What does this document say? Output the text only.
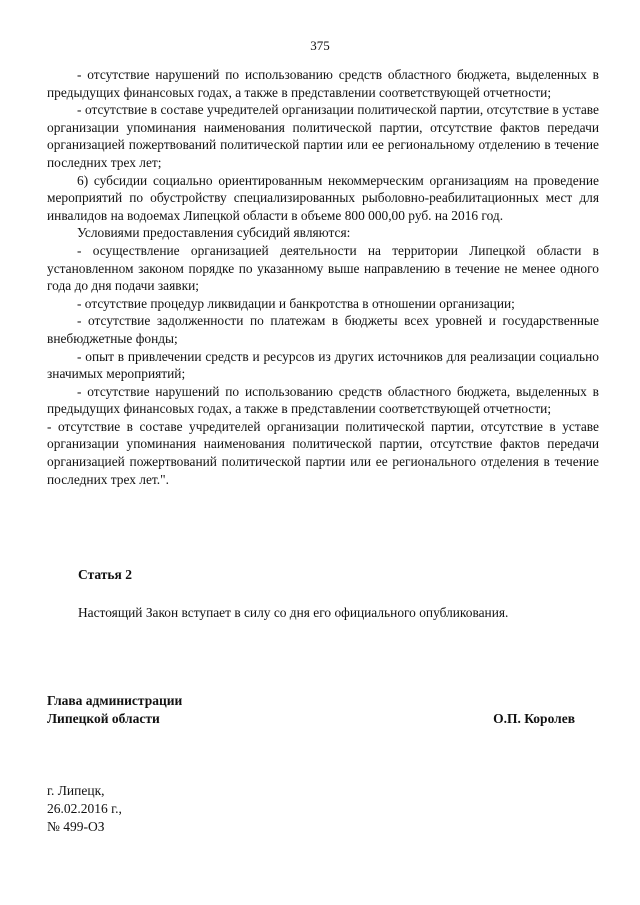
375

- отсутствие нарушений по использованию средств областного бюджета, выделенных в предыдущих финансовых годах, а также в представлении соответствующей отчетности;

- отсутствие в составе учредителей организации политической партии, отсутствие в уставе организации упоминания наименования политической партии, отсутствие фактов передачи организацией пожертвований политической партии или ее региональному отделению в течение последних трех лет;

6) субсидии социально ориентированным некоммерческим организациям на проведение мероприятий по обустройству специализированных рыболовно-реабилитационных мест для инвалидов на водоемах Липецкой области в объеме 800 000,00 руб. на 2016 год.

Условиями предоставления субсидий являются:

- осуществление организацией деятельности на территории Липецкой области в установленном законом порядке по указанному выше направлению в течение не менее одного года до дня подачи заявки;

- отсутствие процедур ликвидации и банкротства в отношении организации;

- отсутствие задолженности по платежам в бюджеты всех уровней и государственные внебюджетные фонды;

- опыт в привлечении средств и ресурсов из других источников для реализации социально значимых мероприятий;

- отсутствие нарушений по использованию средств областного бюджета, выделенных в предыдущих финансовых годах, а также в представлении соответствующей отчетности;

- отсутствие в составе учредителей организации политической партии, отсутствие в уставе организации упоминания наименования политической партии, отсутствие фактов передачи организацией пожертвований политической партии или ее регионального отделения в течение последних трех лет.".

Статья 2
Настоящий Закон вступает в силу со дня его официального опубликования.
Глава администрации
Липецкой области	О.П. Королев
г. Липецк,
26.02.2016 г.,
№ 499-ОЗ
